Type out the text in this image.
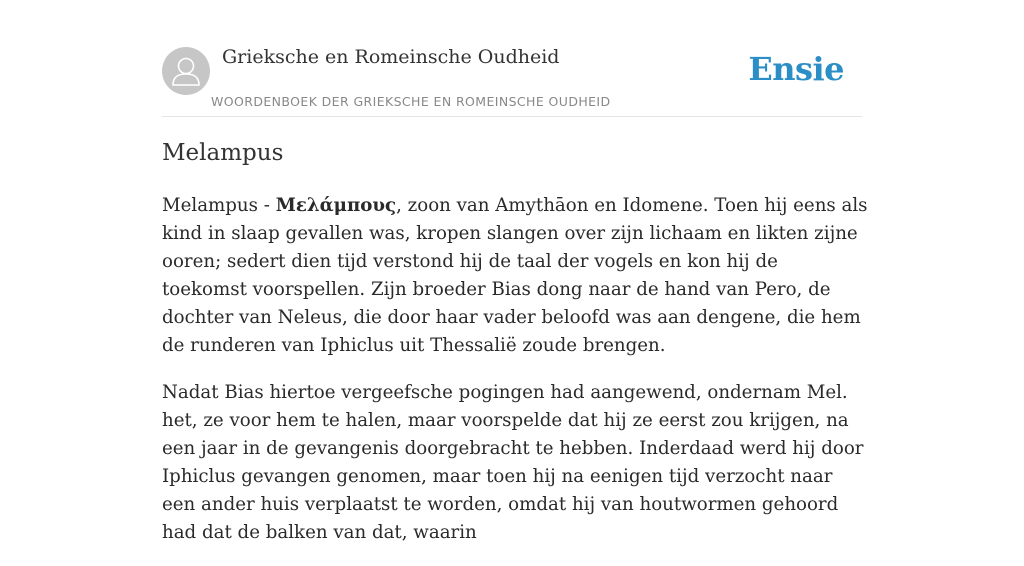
Grieksche en Romeinsche Oudheid
WOORDENBOEK DER GRIEKSCHE EN ROMEINSCHE OUDHEID
Ensie
Melampus

Melampus - Μελάμπους, zoon van Amythāon en Idomene. Toen hij eens als kind in slaap gevallen was, kropen slangen over zijn lichaam en likten zijne ooren; sedert dien tijd verstond hij de taal der vogels en kon hij de toekomst voorspellen. Zijn broeder Bias dong naar de hand van Pero, de dochter van Neleus, die door haar vader beloofd was aan dengene, die hem de runderen van Iphiclus uit Thessalië zoude brengen.

Nadat Bias hiertoe vergeefsche pogingen had aangewend, ondernam Mel. het, ze voor hem te halen, maar voorspelde dat hij ze eerst zou krijgen, na een jaar in de gevangenis doorgebracht te hebben. Inderdaad werd hij door Iphiclus gevangen genomen, maar toen hij na eenigen tijd verzocht naar een ander huis verplaatst te worden, omdat hij van houtwormen gehoord had dat de balken van dat, waarin
